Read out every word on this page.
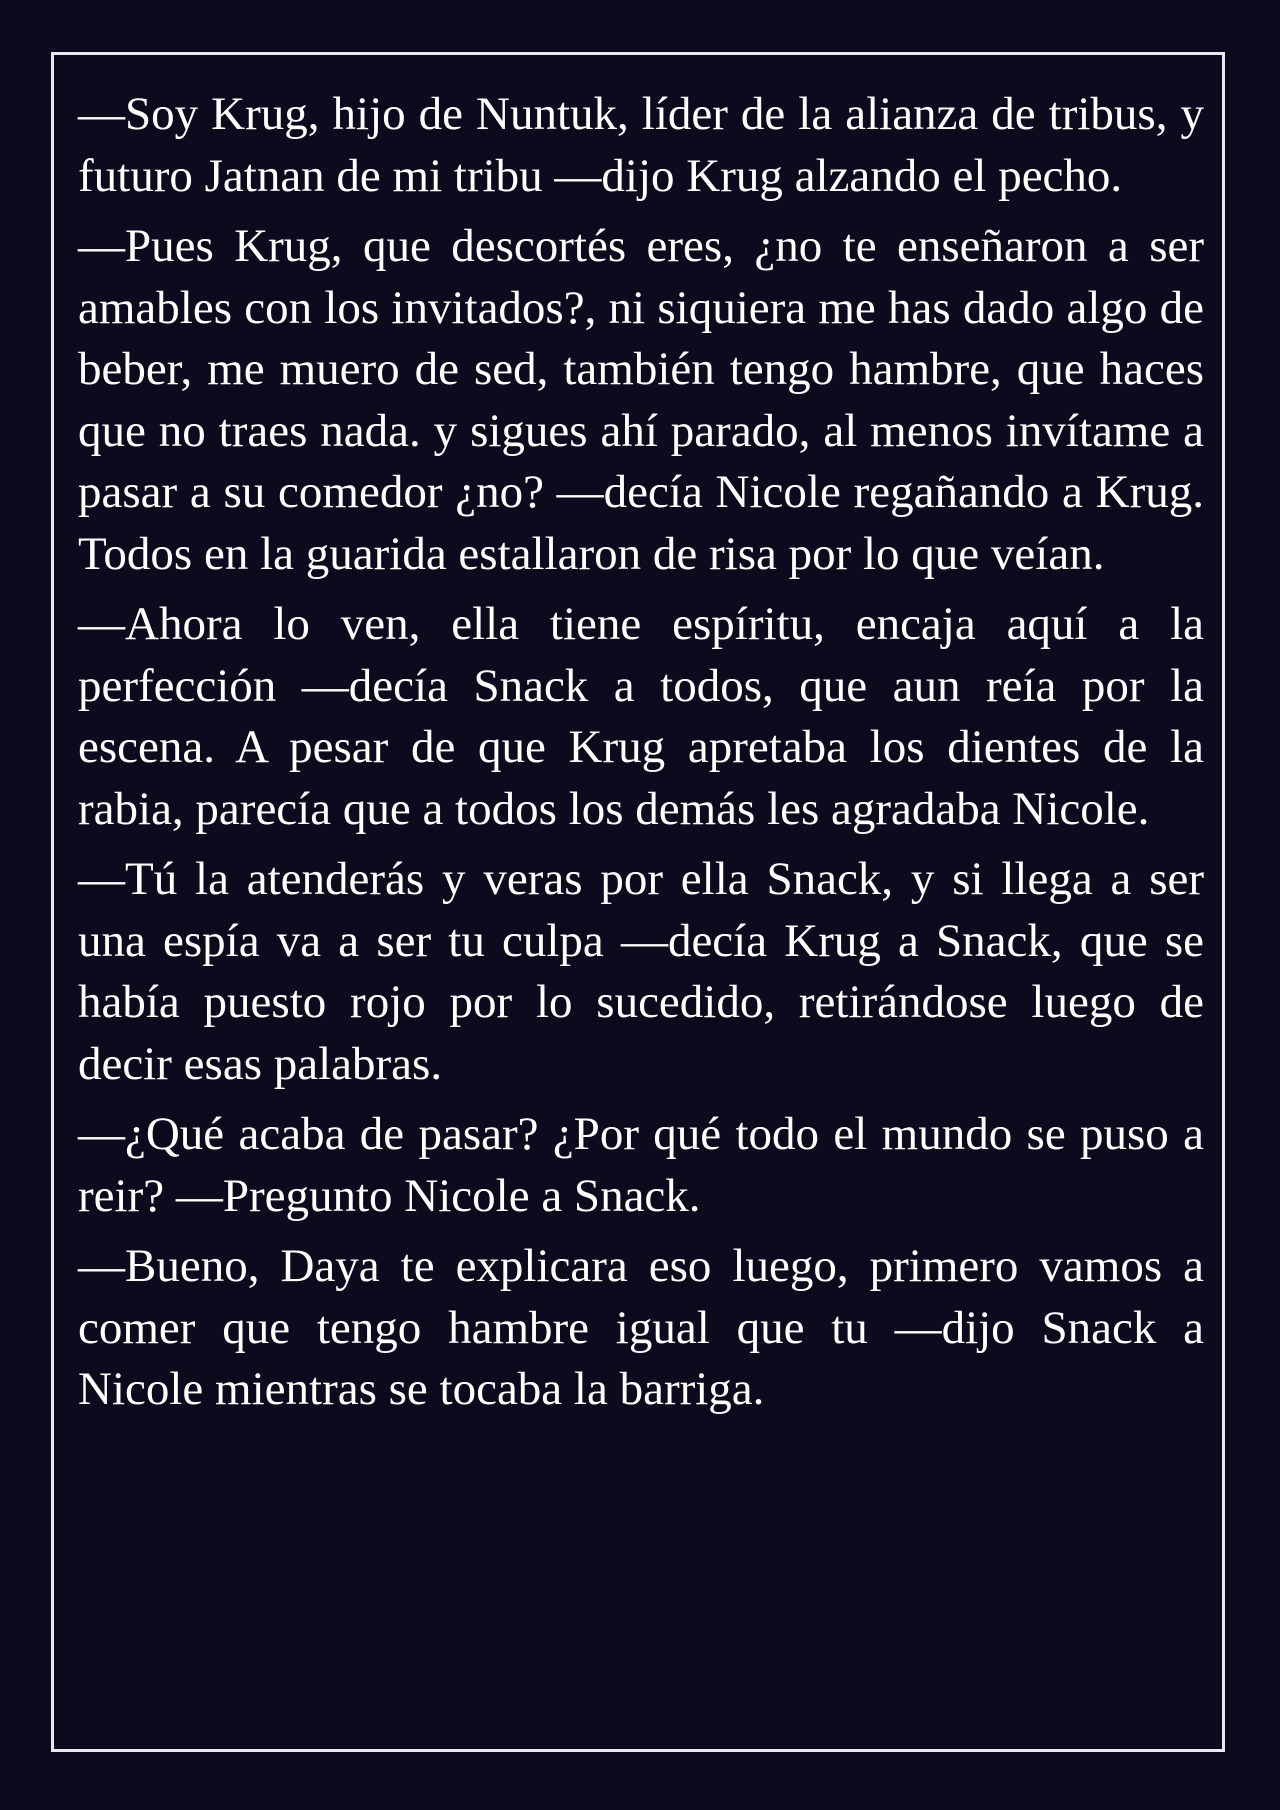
—Soy Krug, hijo de Nuntuk, líder de la alianza de tribus, y futuro Jatnan de mi tribu —dijo Krug alzando el pecho.

—Pues Krug, que descortés eres, ¿no te enseñaron a ser amables con los invitados?, ni siquiera me has dado algo de beber, me muero de sed, también tengo hambre, que haces que no traes nada. y sigues ahí parado, al menos invítame a pasar a su comedor ¿no? —decía Nicole regañando a Krug. Todos en la guarida estallaron de risa por lo que veían.

—Ahora lo ven, ella tiene espíritu, encaja aquí a la perfección —decía Snack a todos, que aun reía por la escena. A pesar de que Krug apretaba los dientes de la rabia, parecía que a todos los demás les agradaba Nicole.

—Tú la atenderás y veras por ella Snack, y si llega a ser una espía va a ser tu culpa —decía Krug a Snack, que se había puesto rojo por lo sucedido, retirándose luego de decir esas palabras.

—¿Qué acaba de pasar? ¿Por qué todo el mundo se puso a reir? —Pregunto Nicole a Snack.

—Bueno, Daya te explicara eso luego, primero vamos a comer que tengo hambre igual que tu —dijo Snack a Nicole mientras se tocaba la barriga.
